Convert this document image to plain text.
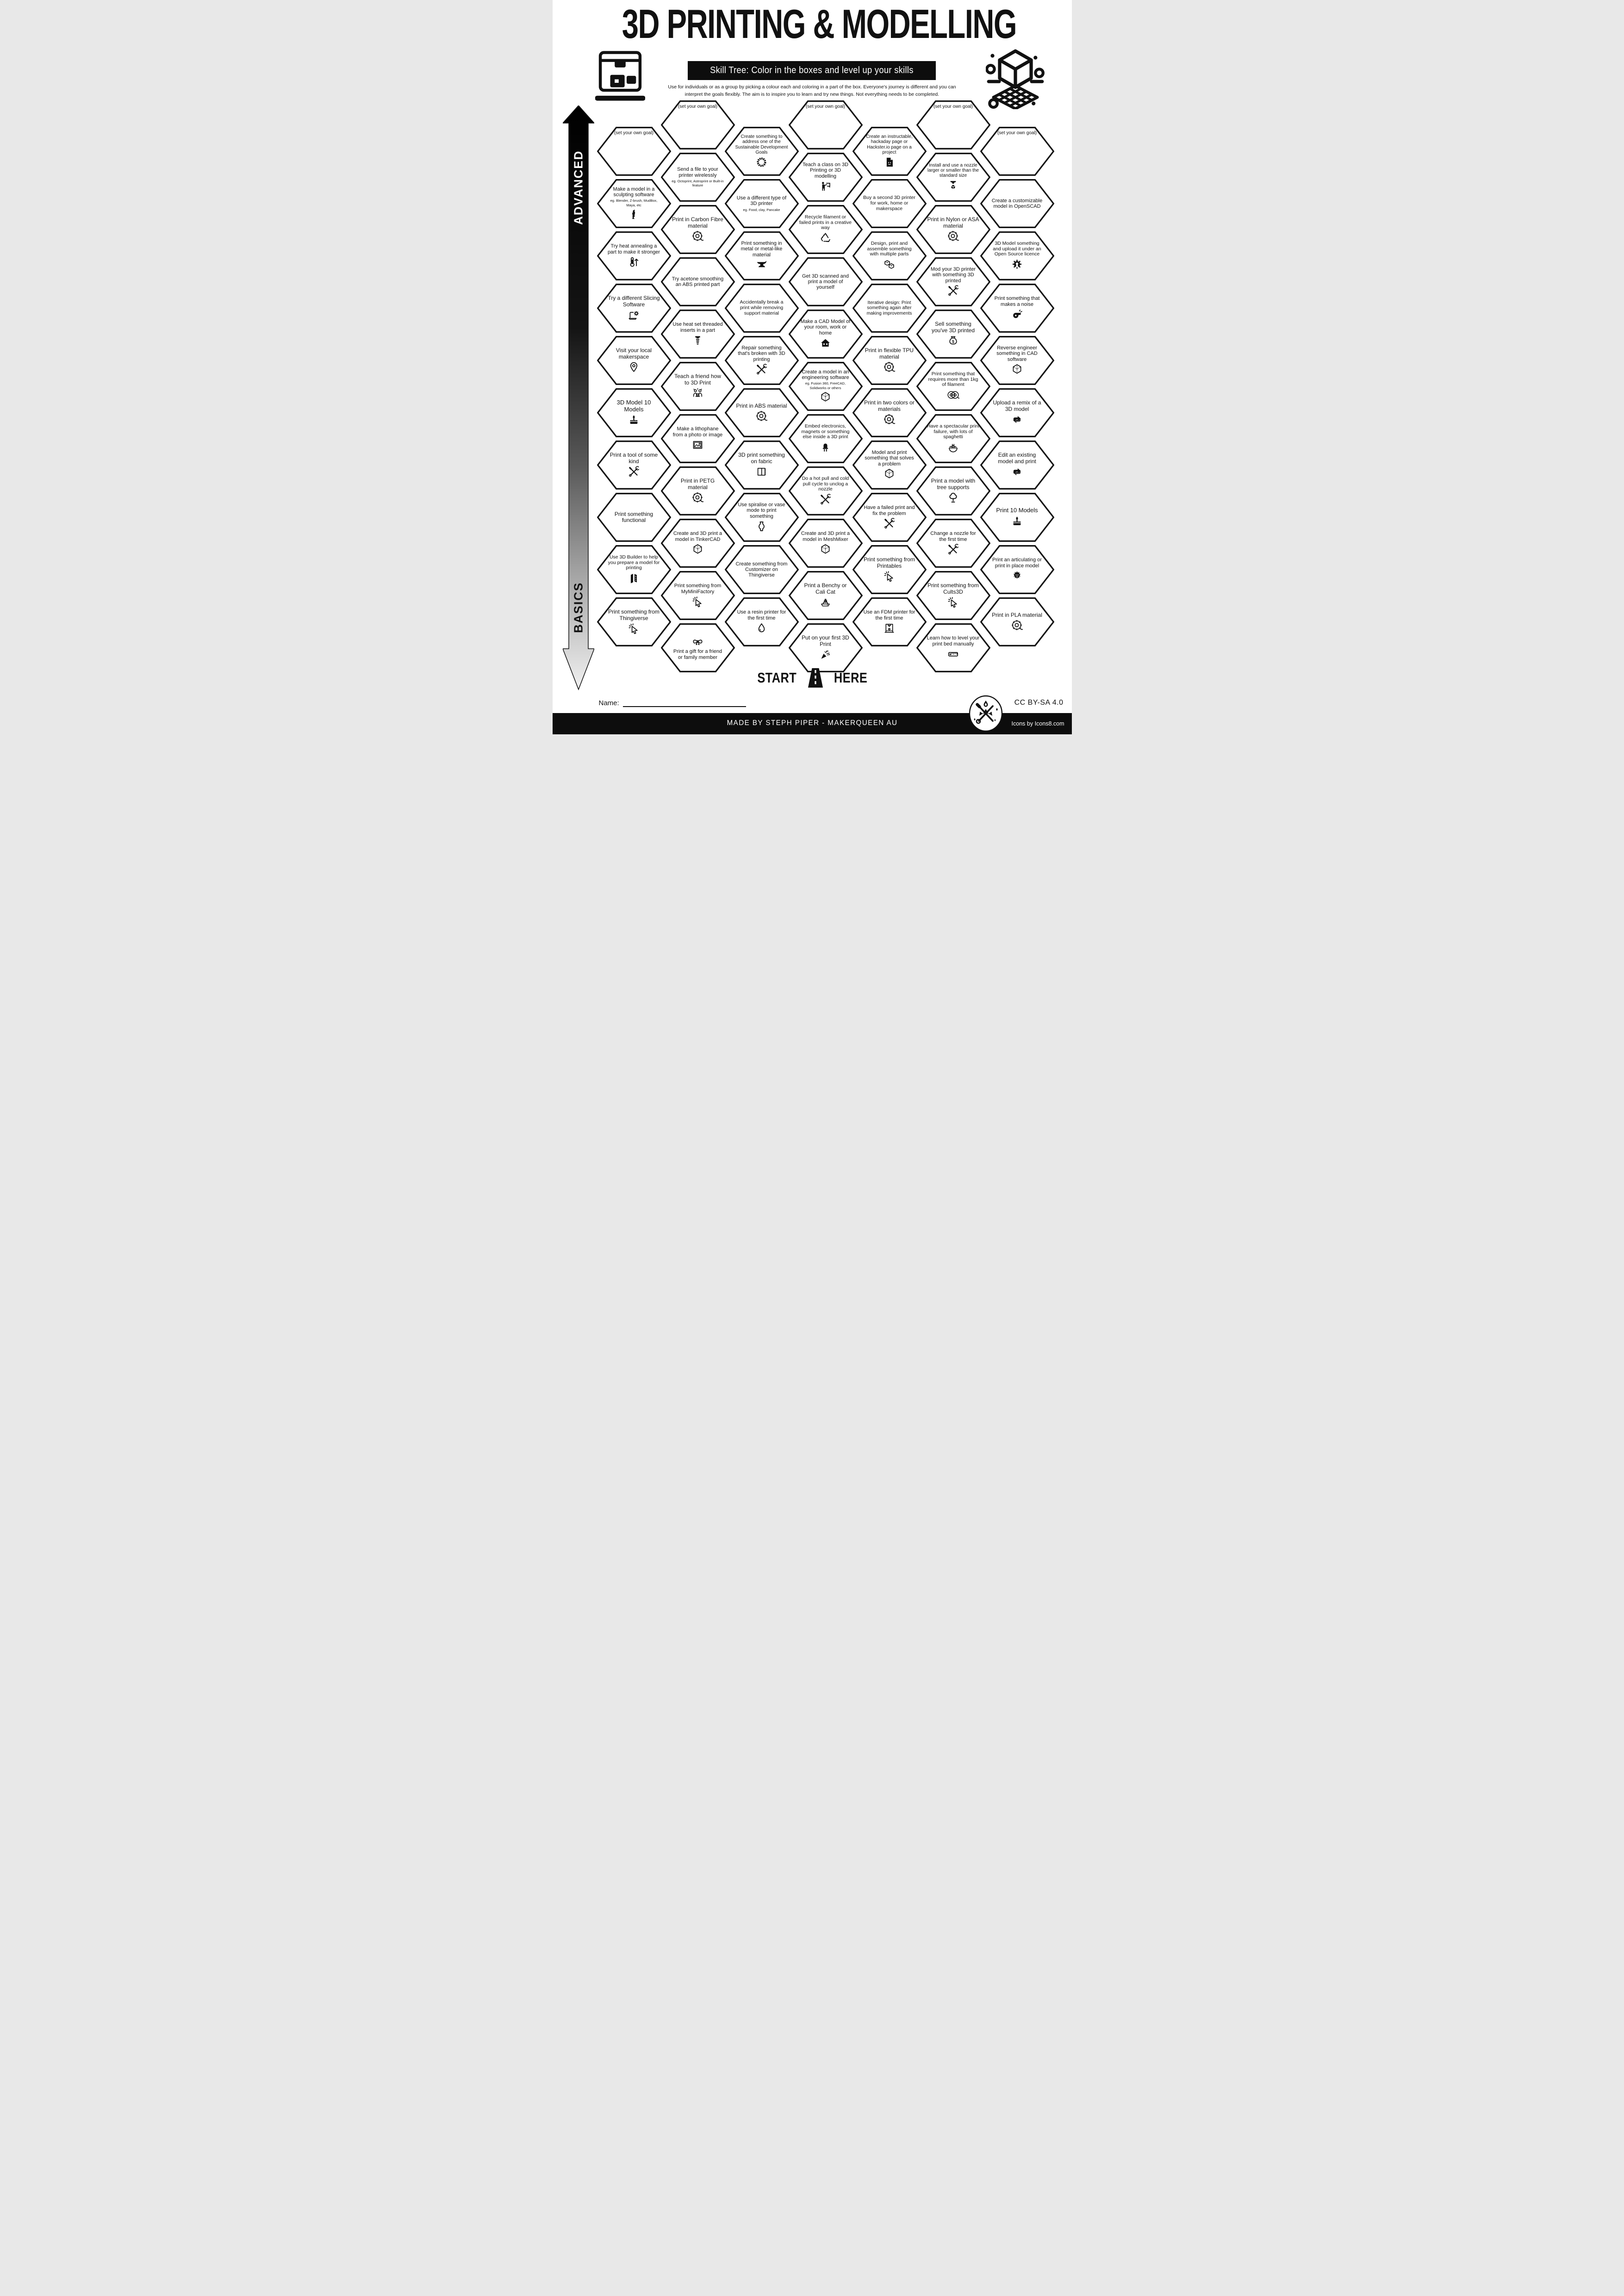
3D PRINTING & MODELLING
Skill Tree: Color in the boxes and level up your skills
Use for individuals or as a group by picking a colour each and coloring in a part of the box. Everyone's journey is different and you can
interpret the goals flexibly. The aim is to inspire you to learn and try new things. Not everything needs to be completed.
ADVANCED
BASICS
(set your own goal)
Make a model in a sculpting software
eg. Blender, Z-brush, MudBox, Maya, etc
Try heat annealing a part to make it stronger
Try a different Slicing Software
Visit your local makerspace
3D Model 10 Models
Print a tool of some kind
Print something functional
Use 3D Builder to help you prepare a model for printing
Print something from Thingiverse
(set your own goal)
Send a file to your printer wirelessly
eg. Octoprint, Astroprint or Built-in feature
Print in Carbon Fibre material
Try acetone smoothing an ABS printed part
Use heat set threaded inserts in a part
Teach a friend how to 3D Print
Make a lithophane from a photo or image
Print in PETG material
Create and 3D print a model in TinkerCAD
Print something from MyMiniFactory
Print a gift for a friend or family member
Create something to address one of the Sustainable Development Goals
Use a different type of 3D printer
eg. Food, clay, Pancake
Print something in metal or metal-like material
Accidentally break a print while removing support material
Repair something that's broken with 3D printing
Print in ABS material
3D print something on fabric
Use spiralise or vase mode to print something
Create something from Customizer on Thingiverse
Use a resin printer for the first time
(set your own goal)
Teach a class on 3D Printing or 3D modelling
Recycle filament or failed prints in a creative way
Get 3D scanned and print a model of yourself
Make a CAD Model of your room, work or home
Create a model in an engineering software
eg. Fusion 360, FreeCAD, Solidworks or others
Embed electronics, magnets or something else inside a 3D print
Do a hot pull and cold pull cycle to unclog a nozzle
Create and 3D print a model in MeshMixer
Print a Benchy or Cali Cat
Put on your first 3D Print
Create an instructable, hackaday page or Hackster.io page on a project
Buy a second 3D printer for work, home or makerspace
Design, print and assemble something with multiple parts
Iterative design: Print something again after making improvements
Print in flexible TPU material
Print in two colors or materials
Model and print something that solves a problem
Have a failed print and fix the problem
Print something from Printables
Use an FDM printer for the first time
(set your own goal)
Install and use a nozzle larger or smaller than the standard size
Print in Nylon or ASA material
Mod your 3D printer with something 3D printed
Sell something you've 3D printed
Print something that requires more than 1kg of filament
Have a spectacular print failure, with lots of spaghetti
Print a model with tree supports
Change a nozzle for the first time
Print something from Cults3D
Learn how to level your print bed manually
(set your own goal)
Create a customizable model in OpenSCAD
3D Model something and upload it under an Open Source licence
Print something that makes a noise
Reverse engineer something in CAD software
Upload a remix of a 3D model
Edit an existing model and print
Print 10 Models
Print an articulating or print in place model
Print in PLA material
START	HERE
Name:	CC BY-SA 4.0
MADE BY STEPH PIPER - MAKERQUEEN AU	Icons by Icons8.com
